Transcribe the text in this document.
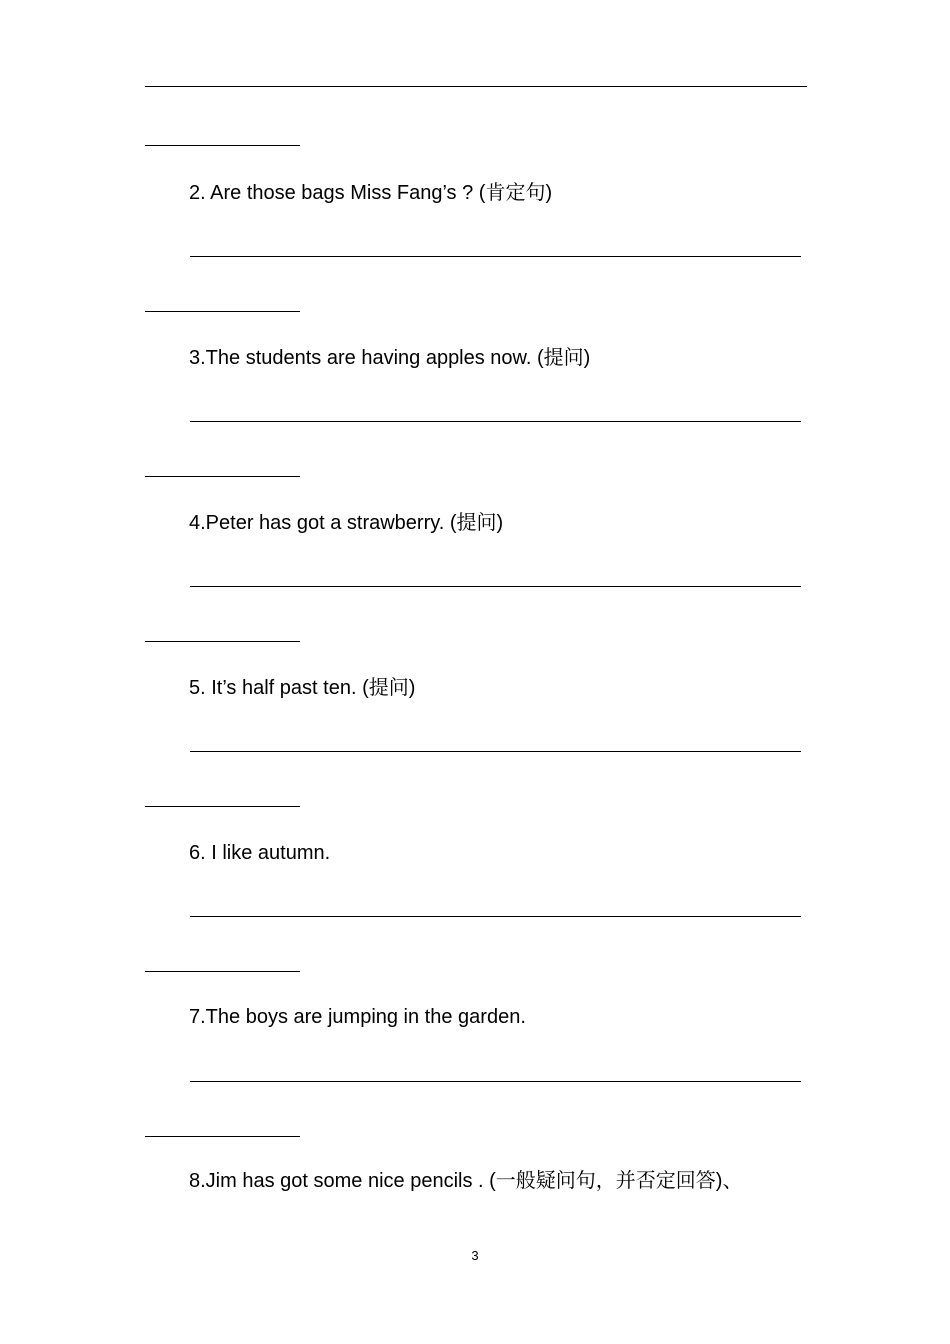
2. Are those bags Miss Fang’s ? (肯定句)
3.The students are having apples now. (提问)
4.Peter has got a strawberry. (提问)
5. It’s half past ten. (提问)
6. I like autumn.
7.The boys are jumping in the garden.
8.Jim has got some nice pencils . (一般疑问句，并否定回答)、
3
